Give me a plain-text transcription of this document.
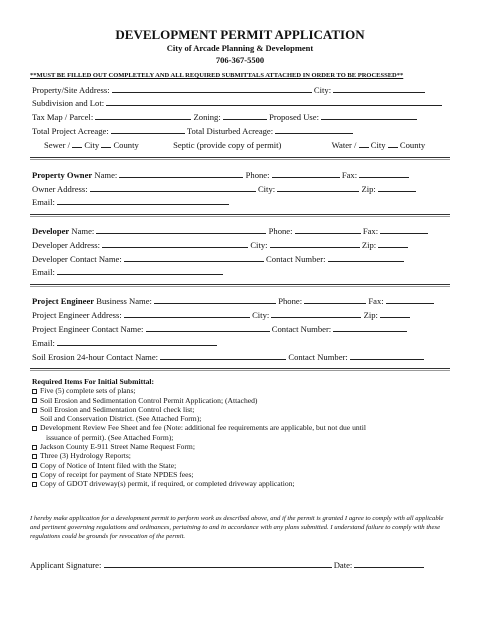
DEVELOPMENT PERMIT APPLICATION
City of Arcade Planning & Development
706-367-5500
**MUST BE FILLED OUT COMPLETELY AND ALL REQUIRED SUBMITTALS ATTACHED IN ORDER TO BE PROCESSED**
Property/Site Address:	City:
Subdivision and Lot:
Tax Map / Parcel:	Zoning:	Proposed Use:
Total Project Acreage:	Total Disturbed Acreage:
Sewer / City County	Septic (provide copy of permit)	Water / City County
Property Owner Name:	Phone:	Fax:
Owner Address:	City:	Zip:
Email:
Developer Name:	Phone:	Fax:
Developer Address:	City:	Zip:
Developer Contact Name:	Contact Number:
Email:
Project Engineer Business Name:	Phone:	Fax:
Project Engineer Address:	City:	Zip:
Project Engineer Contact Name:	Contact Number:
Email:
Soil Erosion 24-hour Contact Name:	Contact Number:
Required Items For Initial Submittal:
Five (5) complete sets of plans;
Soil Erosion and Sedimentation Control Permit Application; (Attached)
Soil Erosion and Sedimentation Control check list;
Soil and Conservation District. (See Attached Form);
Development Review Fee Sheet and fee (Note: additional fee requirements are applicable, but not due until
issuance of permit). (See Attached Form);
Jackson County E-911 Street Name Request Form;
Three (3) Hydrology Reports;
Copy of Notice of Intent filed with the State;
Copy of receipt for payment of State NPDES fees;
Copy of GDOT driveway(s) permit, if required, or completed driveway application;
I hereby make application for a development permit to perform work as described above, and if the permit is granted I agree to comply with all applicable and pertinent governing regulations and ordinances, pertaining to and in accordance with any plans submitted. I understand failure to comply with these regulations could be grounds for revocation of the permit.
Applicant Signature:	Date:
